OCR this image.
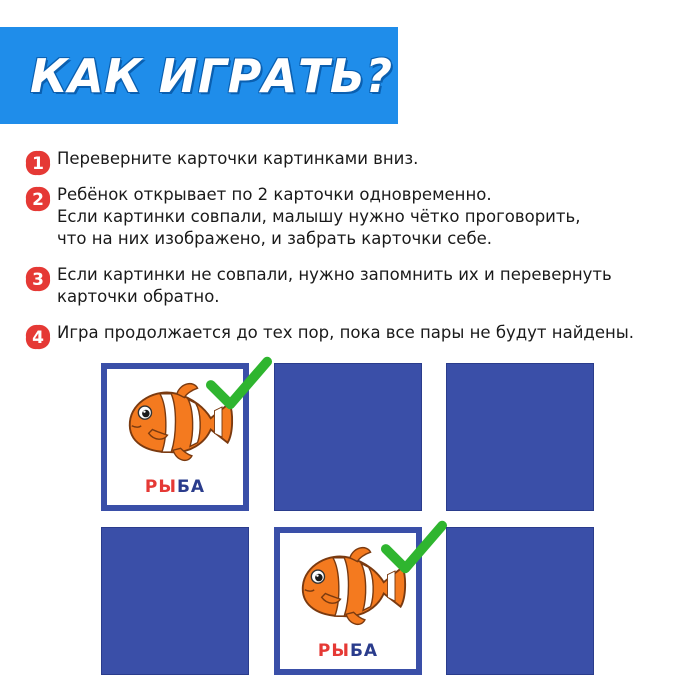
КАК ИГРАТЬ?
1 Переверните карточки картинками вниз.
2 Ребёнок открывает по 2 карточки одновременно.
Если картинки совпали, малышу нужно чётко проговорить,
что на них изображено, и забрать карточки себе.
3 Если картинки не совпали, нужно запомнить их и перевернуть
карточки обратно.
4 Игра продолжается до тех пор, пока все пары не будут найдены.
РЫБА
РЫБА
